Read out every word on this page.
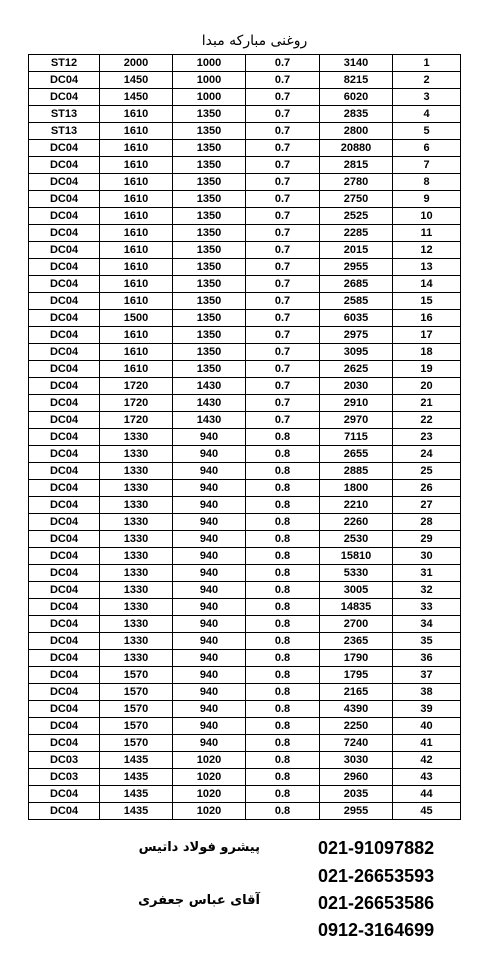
روغنی مبارکه مبدا
ST12	2000	1000	0.7	3140	1
DC04	1450	1000	0.7	8215	2
DC04	1450	1000	0.7	6020	3
ST13	1610	1350	0.7	2835	4
ST13	1610	1350	0.7	2800	5
DC04	1610	1350	0.7	20880	6
DC04	1610	1350	0.7	2815	7
DC04	1610	1350	0.7	2780	8
DC04	1610	1350	0.7	2750	9
DC04	1610	1350	0.7	2525	10
DC04	1610	1350	0.7	2285	11
DC04	1610	1350	0.7	2015	12
DC04	1610	1350	0.7	2955	13
DC04	1610	1350	0.7	2685	14
DC04	1610	1350	0.7	2585	15
DC04	1500	1350	0.7	6035	16
DC04	1610	1350	0.7	2975	17
DC04	1610	1350	0.7	3095	18
DC04	1610	1350	0.7	2625	19
DC04	1720	1430	0.7	2030	20
DC04	1720	1430	0.7	2910	21
DC04	1720	1430	0.7	2970	22
DC04	1330	940	0.8	7115	23
DC04	1330	940	0.8	2655	24
DC04	1330	940	0.8	2885	25
DC04	1330	940	0.8	1800	26
DC04	1330	940	0.8	2210	27
DC04	1330	940	0.8	2260	28
DC04	1330	940	0.8	2530	29
DC04	1330	940	0.8	15810	30
DC04	1330	940	0.8	5330	31
DC04	1330	940	0.8	3005	32
DC04	1330	940	0.8	14835	33
DC04	1330	940	0.8	2700	34
DC04	1330	940	0.8	2365	35
DC04	1330	940	0.8	1790	36
DC04	1570	940	0.8	1795	37
DC04	1570	940	0.8	2165	38
DC04	1570	940	0.8	4390	39
DC04	1570	940	0.8	2250	40
DC04	1570	940	0.8	7240	41
DC03	1435	1020	0.8	3030	42
DC03	1435	1020	0.8	2960	43
DC04	1435	1020	0.8	2035	44
DC04	1435	1020	0.8	2955	45
پیشرو فولاد داتیس
آقای عباس جعفری
021-91097882
021-26653593
021-26653586
0912-3164699
